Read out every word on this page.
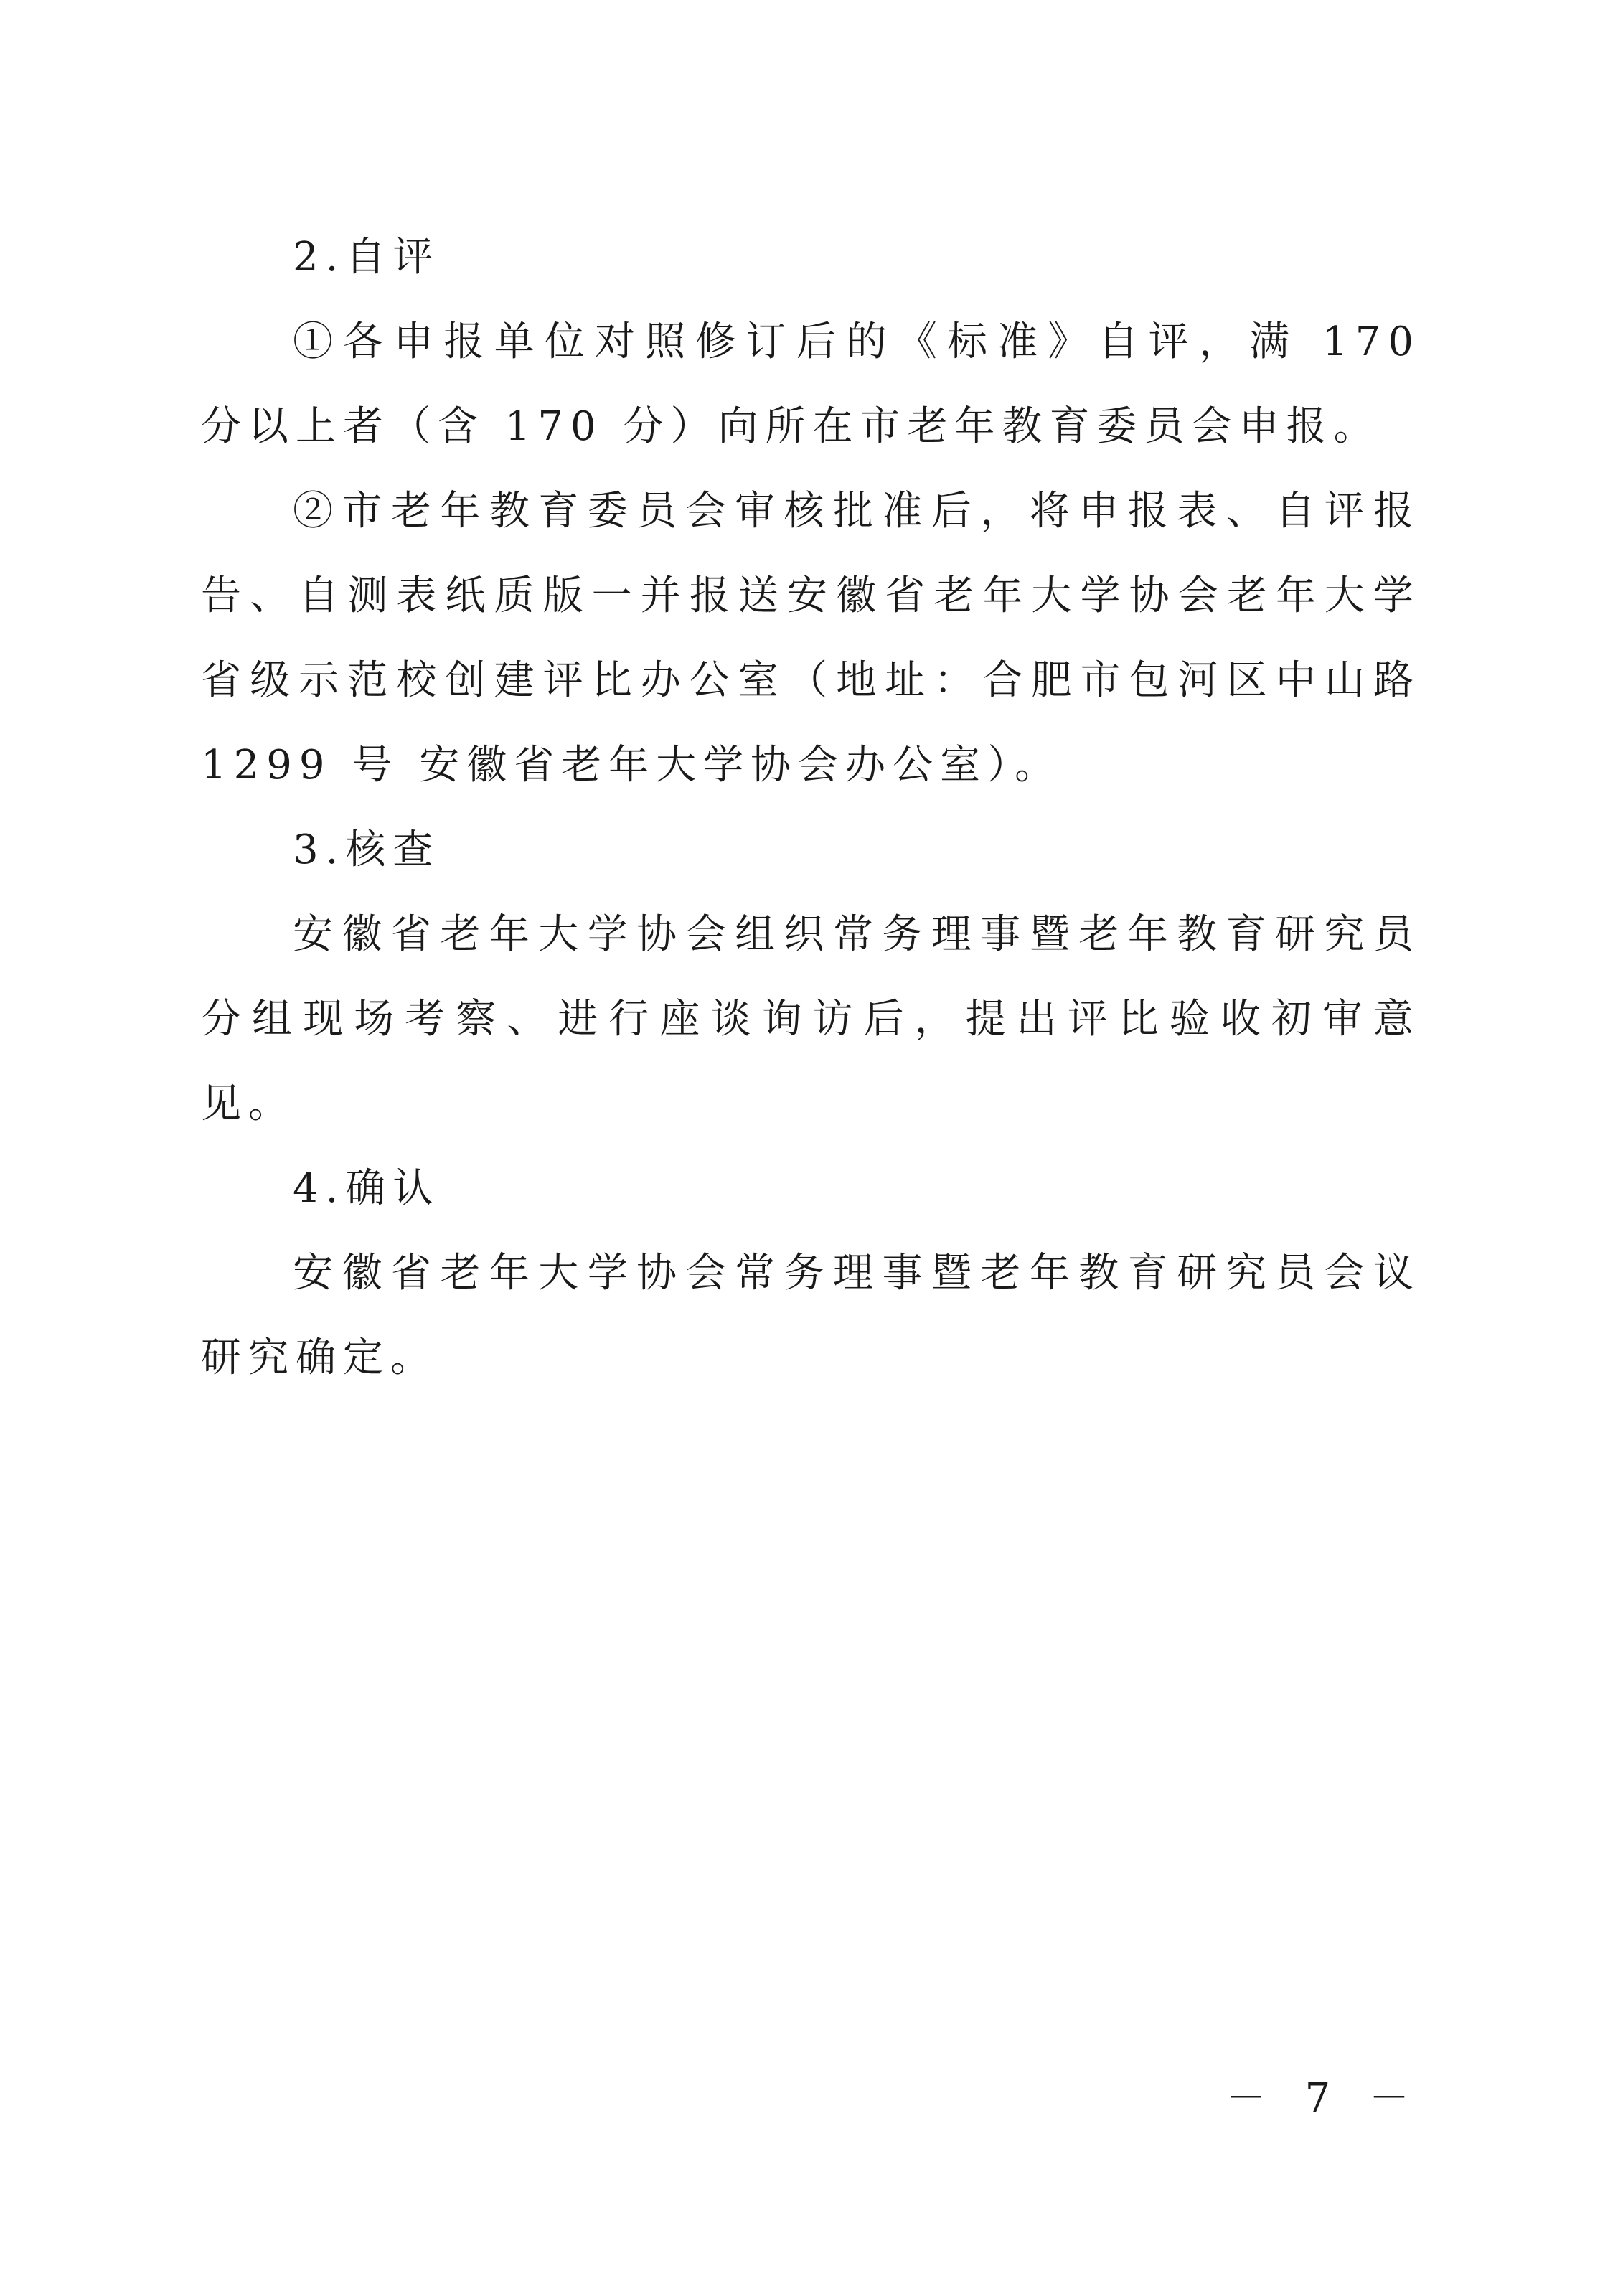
2.自评

①各申报单位对照修订后的《标准》自评，满 170 分以上者（含 170 分）向所在市老年教育委员会申报。

②市老年教育委员会审核批准后，将申报表、自评报告、自测表纸质版一并报送安徽省老年大学协会老年大学省级示范校创建评比办公室（地址：合肥市包河区中山路 1299 号 安徽省老年大学协会办公室）。

3.核查

安徽省老年大学协会组织常务理事暨老年教育研究员分组现场考察、进行座谈询访后，提出评比验收初审意见。

4.确认

安徽省老年大学协会常务理事暨老年教育研究员会议研究确定。

－ 7 －
